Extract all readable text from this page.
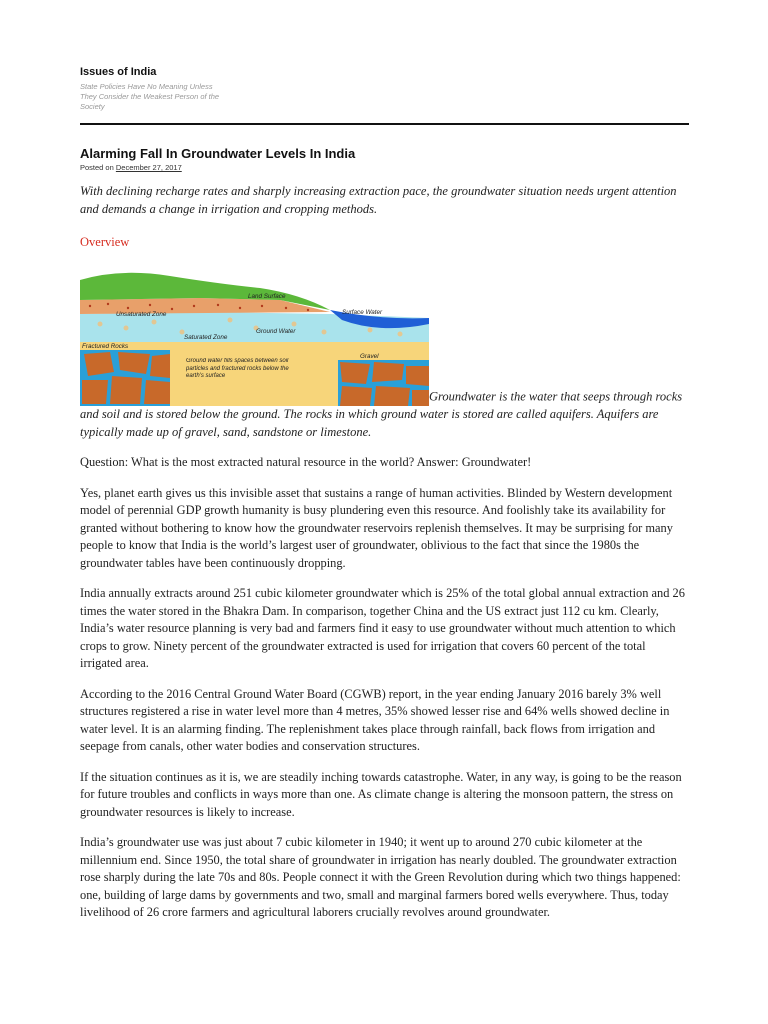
Issues of India
State Policies Have No Meaning Unless They Consider the Weakest Person of the Society
Alarming Fall In Groundwater Levels In India
Posted on December 27, 2017
With declining recharge rates and sharply increasing extraction pace, the groundwater situation needs urgent attention and demands a change in irrigation and cropping methods.
Overview
Land Surface
Unsaturated Zone	Surface Water
Ground Water
Saturated Zone
Fractured Rocks
Gravel
Ground water fills spaces between soil particles and fractured rocks below the earth's surface
Groundwater is the water that seeps through rocks and soil and is stored below the ground. The rocks in which ground water is stored are called aquifers. Aquifers are typically made up of gravel, sand, sandstone or limestone.

Question: What is the most extracted natural resource in the world? Answer: Groundwater!

Yes, planet earth gives us this invisible asset that sustains a range of human activities. Blinded by Western development model of perennial GDP growth humanity is busy plundering even this resource. And foolishly take its availability for granted without bothering to know how the groundwater reservoirs replenish themselves. It may be surprising for many people to know that India is the world’s largest user of groundwater, oblivious to the fact that since the 1980s the groundwater tables have been continuously dropping.

India annually extracts around 251 cubic kilometer groundwater which is 25% of the total global annual extraction and 26 times the water stored in the Bhakra Dam. In comparison, together China and the US extract just 112 cu km. Clearly, India’s water resource planning is very bad and farmers find it easy to use groundwater without much attention to which crops to grow. Ninety percent of the groundwater extracted is used for irrigation that covers 60 percent of the total irrigated area.

According to the 2016 Central Ground Water Board (CGWB) report, in the year ending January 2016 barely 3% well structures registered a rise in water level more than 4 metres, 35% showed lesser rise and 64% wells showed decline in water level. It is an alarming finding. The replenishment takes place through rainfall, back flows from irrigation and seepage from canals, other water bodies and conservation structures.

If the situation continues as it is, we are steadily inching towards catastrophe. Water, in any way, is going to be the reason for future troubles and conflicts in ways more than one. As climate change is altering the monsoon pattern, the stress on groundwater resources is likely to increase.

India’s groundwater use was just about 7 cubic kilometer in 1940; it went up to around 270 cubic kilometer at the millennium end. Since 1950, the total share of groundwater in irrigation has nearly doubled. The groundwater extraction rose sharply during the late 70s and 80s. People connect it with the Green Revolution during which two things happened: one, building of large dams by governments and two, small and marginal farmers bored wells everywhere. Thus, today livelihood of 26 crore farmers and agricultural laborers crucially revolves around groundwater.
